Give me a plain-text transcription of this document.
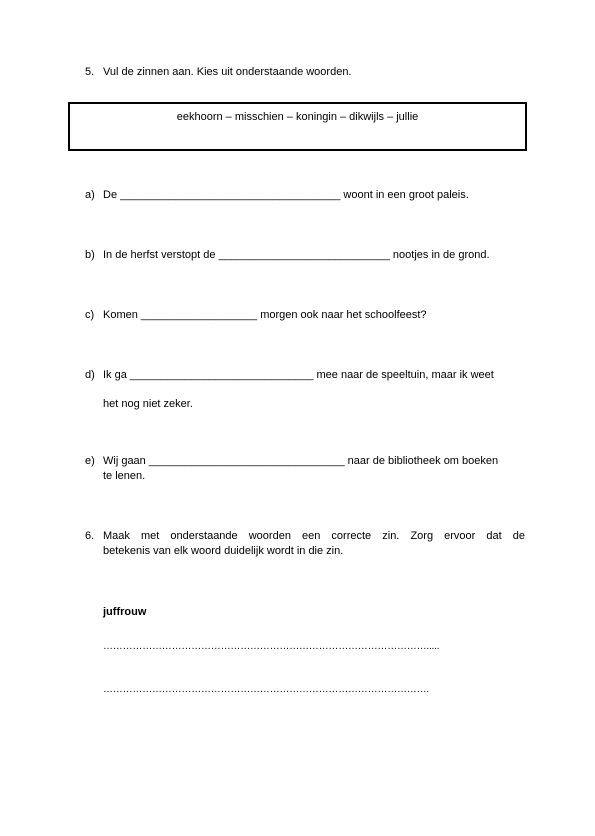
5. Vul de zinnen aan. Kies uit onderstaande woorden.
eekhoorn – misschien – koningin – dikwijls – jullie
a) De ____________________________________ woont in een groot paleis.
b) In de herfst verstopt de ____________________________ nootjes in de grond.
c) Komen ___________________ morgen ook naar het schoolfeest?
d) Ik ga ______________________________ mee naar de speeltuin, maar ik weet
het nog niet zeker.
e) Wij gaan ________________________________ naar de bibliotheek om boeken
te lenen.
6. Maak met onderstaande woorden een correcte zin. Zorg ervoor dat de
betekenis van elk woord duidelijk wordt in die zin.
juffrouw
……………………………………………………………………………………….....
……………………………………………………………………………………….
